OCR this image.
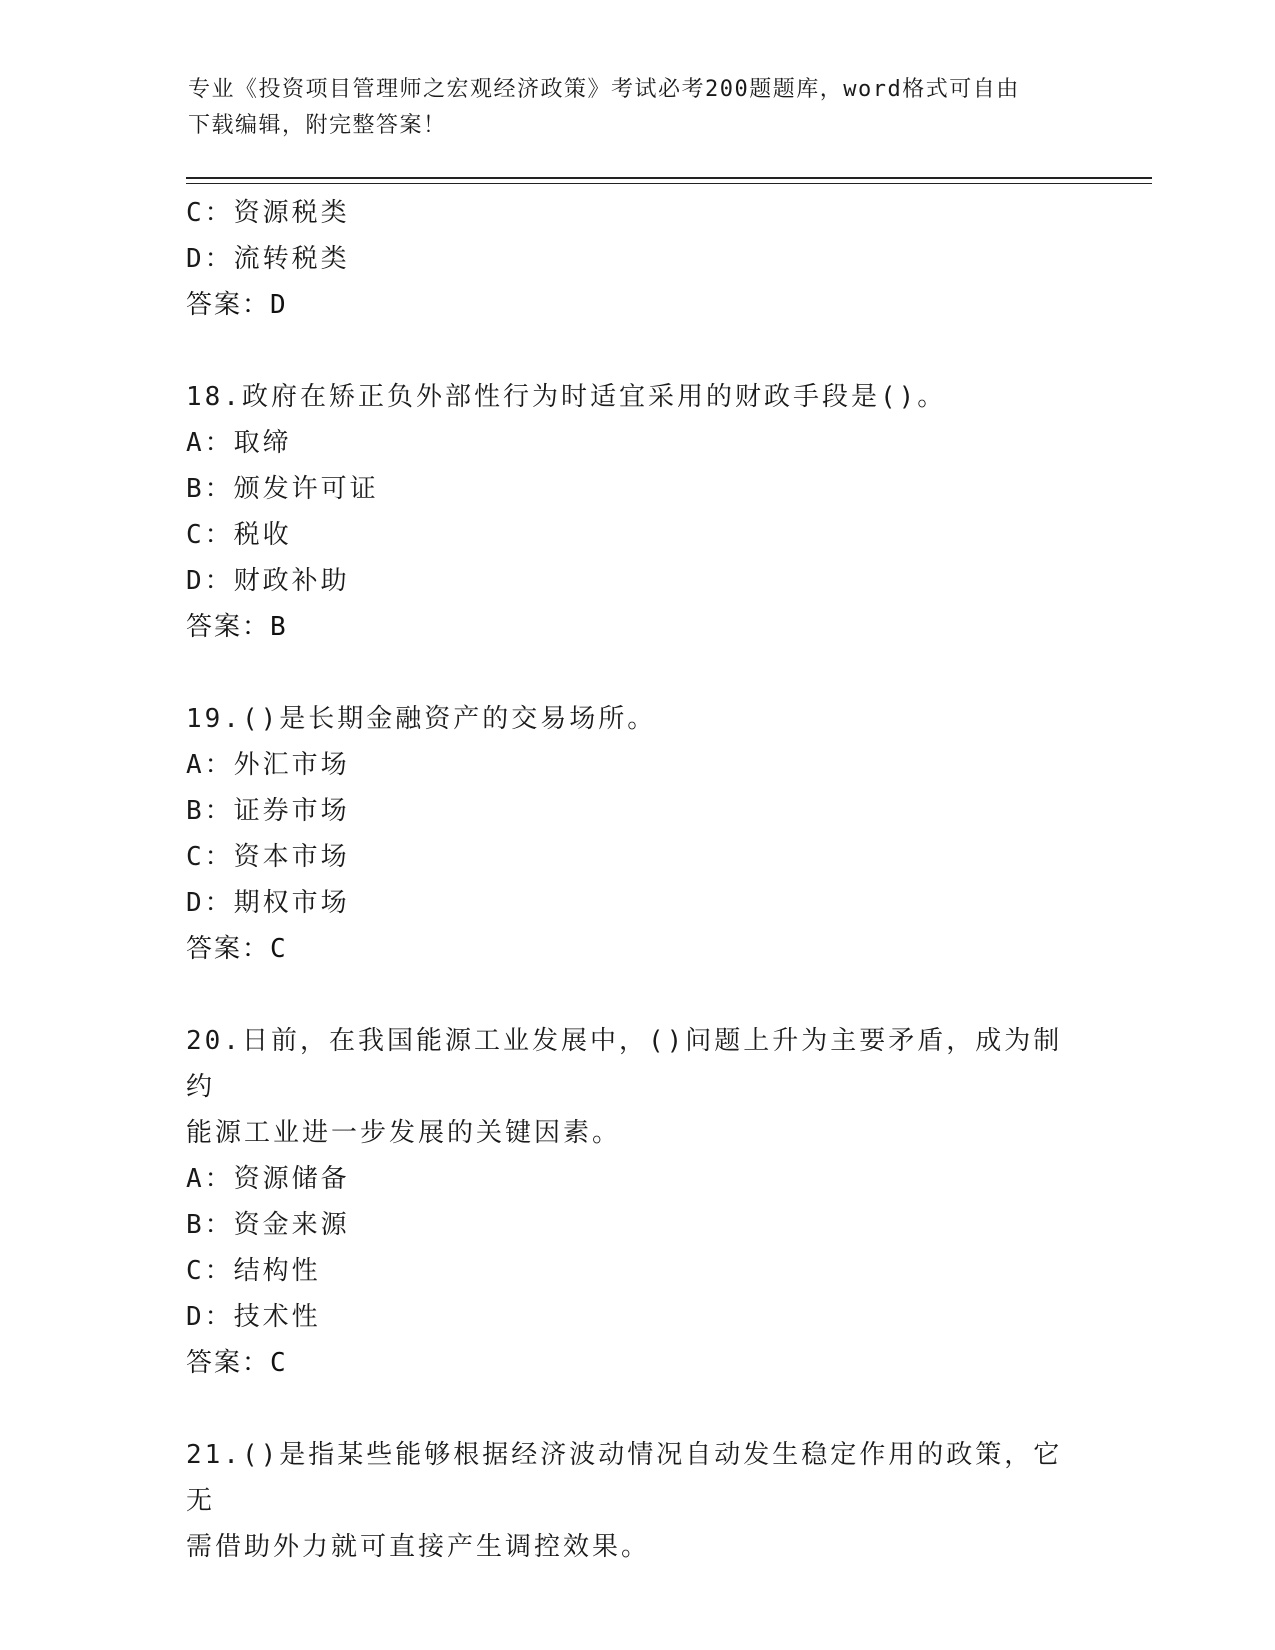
专业《投资项目管理师之宏观经济政策》考试必考200题题库，word格式可自由
下载编辑，附完整答案！
C：资源税类
D：流转税类
答案：D
18.政府在矫正负外部性行为时适宜采用的财政手段是()。
A：取缔
B：颁发许可证
C：税收
D：财政补助
答案：B
19.()是长期金融资产的交易场所。
A：外汇市场
B：证券市场
C：资本市场
D：期权市场
答案：C
20.日前，在我国能源工业发展中，()问题上升为主要矛盾，成为制约
能源工业进一步发展的关键因素。
A：资源储备
B：资金来源
C：结构性
D：技术性
答案：C
21.()是指某些能够根据经济波动情况自动发生稳定作用的政策，它无
需借助外力就可直接产生调控效果。
